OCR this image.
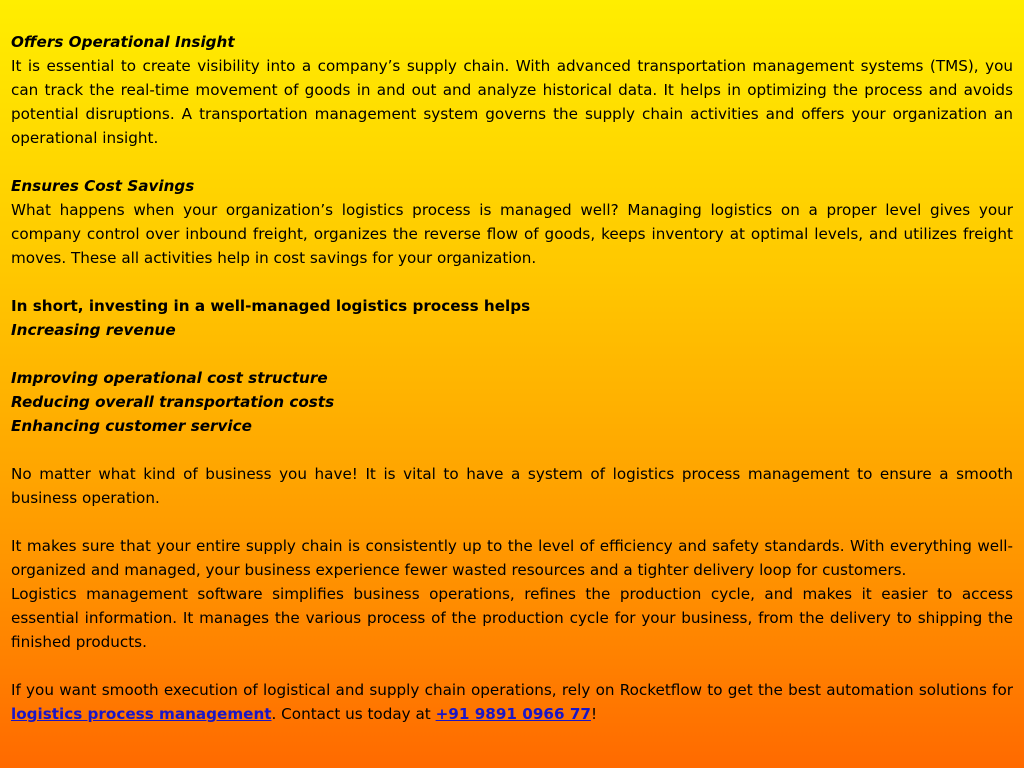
Offers Operational Insight

It is essential to create visibility into a company’s supply chain. With advanced transportation management systems (TMS), you can track the real-time movement of goods in and out and analyze historical data. It helps in optimizing the process and avoids potential disruptions. A transportation management system governs the supply chain activities and offers your organization an operational insight.

Ensures Cost Savings

What happens when your organization’s logistics process is managed well? Managing logistics on a proper level gives your company control over inbound freight, organizes the reverse flow of goods, keeps inventory at optimal levels, and utilizes freight moves. These all activities help in cost savings for your organization.

In short, investing in a well-managed logistics process helps

Increasing revenue

Improving operational cost structure

Reducing overall transportation costs

Enhancing customer service

No matter what kind of business you have! It is vital to have a system of logistics process management to ensure a smooth business operation.

It makes sure that your entire supply chain is consistently up to the level of efficiency and safety standards. With everything well-organized and managed, your business experience fewer wasted resources and a tighter delivery loop for customers.

Logistics management software simplifies business operations, refines the production cycle, and makes it easier to access essential information. It manages the various process of the production cycle for your business, from the delivery to shipping the finished products.

If you want smooth execution of logistical and supply chain operations, rely on Rocketflow to get the best automation solutions for logistics process management. Contact us today at +91 9891 0966 77!
